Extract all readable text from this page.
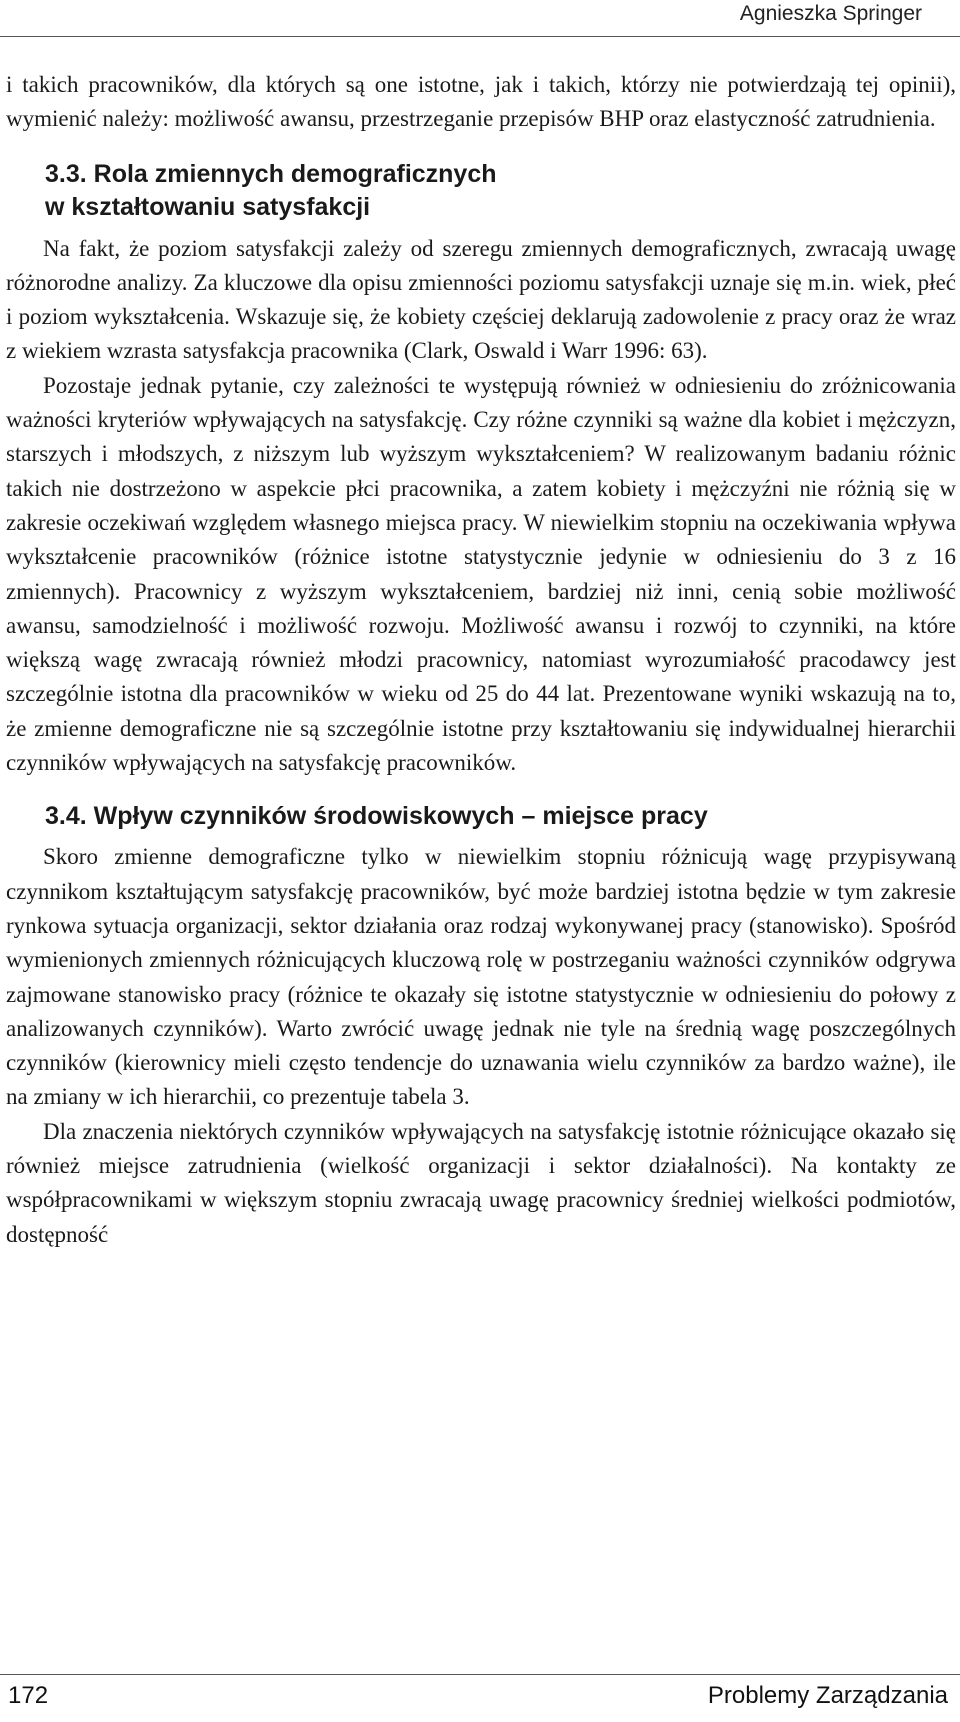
Agnieszka Springer

i takich pracowników, dla których są one istotne, jak i takich, którzy nie potwierdzają tej opinii), wymienić należy: możliwość awansu, przestrzeganie przepisów BHP oraz elastyczność zatrudnienia.

3.3. Rola zmiennych demograficznych
w kształtowaniu satysfakcji

Na fakt, że poziom satysfakcji zależy od szeregu zmiennych demograficznych, zwracają uwagę różnorodne analizy. Za kluczowe dla opisu zmienności poziomu satysfakcji uznaje się m.in. wiek, płeć i poziom wykształcenia. Wskazuje się, że kobiety częściej deklarują zadowolenie z pracy oraz że wraz z wiekiem wzrasta satysfakcja pracownika (Clark, Oswald i Warr 1996: 63).

Pozostaje jednak pytanie, czy zależności te występują również w odniesieniu do zróżnicowania ważności kryteriów wpływających na satysfakcję. Czy różne czynniki są ważne dla kobiet i mężczyzn, starszych i młodszych, z niższym lub wyższym wykształceniem? W realizowanym badaniu różnic takich nie dostrzeżono w aspekcie płci pracownika, a zatem kobiety i mężczyźni nie różnią się w zakresie oczekiwań względem własnego miejsca pracy. W niewielkim stopniu na oczekiwania wpływa wykształcenie pracowników (różnice istotne statystycznie jedynie w odniesieniu do 3 z 16 zmiennych). Pracownicy z wyższym wykształceniem, bardziej niż inni, cenią sobie możliwość awansu, samodzielność i możliwość rozwoju. Możliwość awansu i rozwój to czynniki, na które większą wagę zwracają również młodzi pracownicy, natomiast wyrozumiałość pracodawcy jest szczególnie istotna dla pracowników w wieku od 25 do 44 lat. Prezentowane wyniki wskazują na to, że zmienne demograficzne nie są szczególnie istotne przy kształtowaniu się indywidualnej hierarchii czynników wpływających na satysfakcję pracowników.

3.4. Wpływ czynników środowiskowych – miejsce pracy

Skoro zmienne demograficzne tylko w niewielkim stopniu różnicują wagę przypisywaną czynnikom kształtującym satysfakcję pracowników, być może bardziej istotna będzie w tym zakresie rynkowa sytuacja organizacji, sektor działania oraz rodzaj wykonywanej pracy (stanowisko). Spośród wymienionych zmiennych różnicujących kluczową rolę w postrzeganiu ważności czynników odgrywa zajmowane stanowisko pracy (różnice te okazały się istotne statystycznie w odniesieniu do połowy z analizowanych czynników). Warto zwrócić uwagę jednak nie tyle na średnią wagę poszczególnych czynników (kierownicy mieli często tendencje do uznawania wielu czynników za bardzo ważne), ile na zmiany w ich hierarchii, co prezentuje tabela 3.

Dla znaczenia niektórych czynników wpływających na satysfakcję istotnie różnicujące okazało się również miejsce zatrudnienia (wielkość organizacji i sektor działalności). Na kontakty ze współpracownikami w większym stopniu zwracają uwagę pracownicy średniej wielkości podmiotów, dostępność

172	Problemy Zarządzania
